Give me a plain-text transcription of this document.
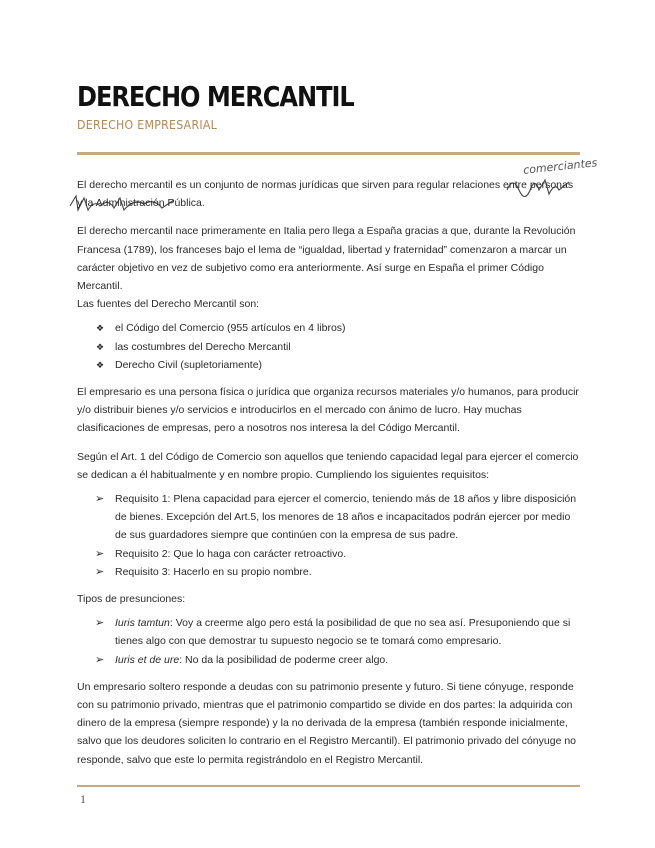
DERECHO MERCANTIL
DERECHO EMPRESARIAL
comerciantes

El derecho mercantil es un conjunto de normas jurídicas que sirven para regular relaciones entre personas y la Administración Pública.

El derecho mercantil nace primeramente en Italia pero llega a España gracias a que, durante la Revolución Francesa (1789), los franceses bajo el lema de “igualdad, libertad y fraternidad” comenzaron a marcar un carácter objetivo en vez de subjetivo como era anteriormente. Así surge en España el primer Código Mercantil.

Las fuentes del Derecho Mercantil son:

❖ el Código del Comercio (955 artículos en 4 libros)
❖ las costumbres del Derecho Mercantil
❖ Derecho Civil (supletoriamente)

El empresario es una persona física o jurídica que organiza recursos materiales y/o humanos, para producir y/o distribuir bienes y/o servicios e introducirlos en el mercado con ánimo de lucro. Hay muchas clasificaciones de empresas, pero a nosotros nos interesa la del Código Mercantil.

Según el Art. 1 del Código de Comercio son aquellos que teniendo capacidad legal para ejercer el comercio se dedican a él habitualmente y en nombre propio. Cumpliendo los siguientes requisitos:

➢ Requisito 1: Plena capacidad para ejercer el comercio, teniendo más de 18 años y libre disposición de bienes. Excepción del Art.5, los menores de 18 años e incapacitados podrán ejercer por medio de sus guardadores siempre que continúen con la empresa de sus padre.
➢ Requisito 2: Que lo haga con carácter retroactivo.
➢ Requisito 3: Hacerlo en su propio nombre.

Tipos de presunciones:

➢ Iuris tamtun: Voy a creerme algo pero está la posibilidad de que no sea así. Presuponiendo que si tienes algo con que demostrar tu supuesto negocio se te tomará como empresario.
➢ Iuris et de ure: No da la posibilidad de poderme creer algo.

Un empresario soltero responde a deudas con su patrimonio presente y futuro. Si tiene cónyuge, responde con su patrimonio privado, mientras que el patrimonio compartido se divide en dos partes: la adquirida con dinero de la empresa (siempre responde) y la no derivada de la empresa (también responde inicialmente, salvo que los deudores soliciten lo contrario en el Registro Mercantil). El patrimonio privado del cónyuge no responde, salvo que este lo permita registrándolo en el Registro Mercantil.

1
